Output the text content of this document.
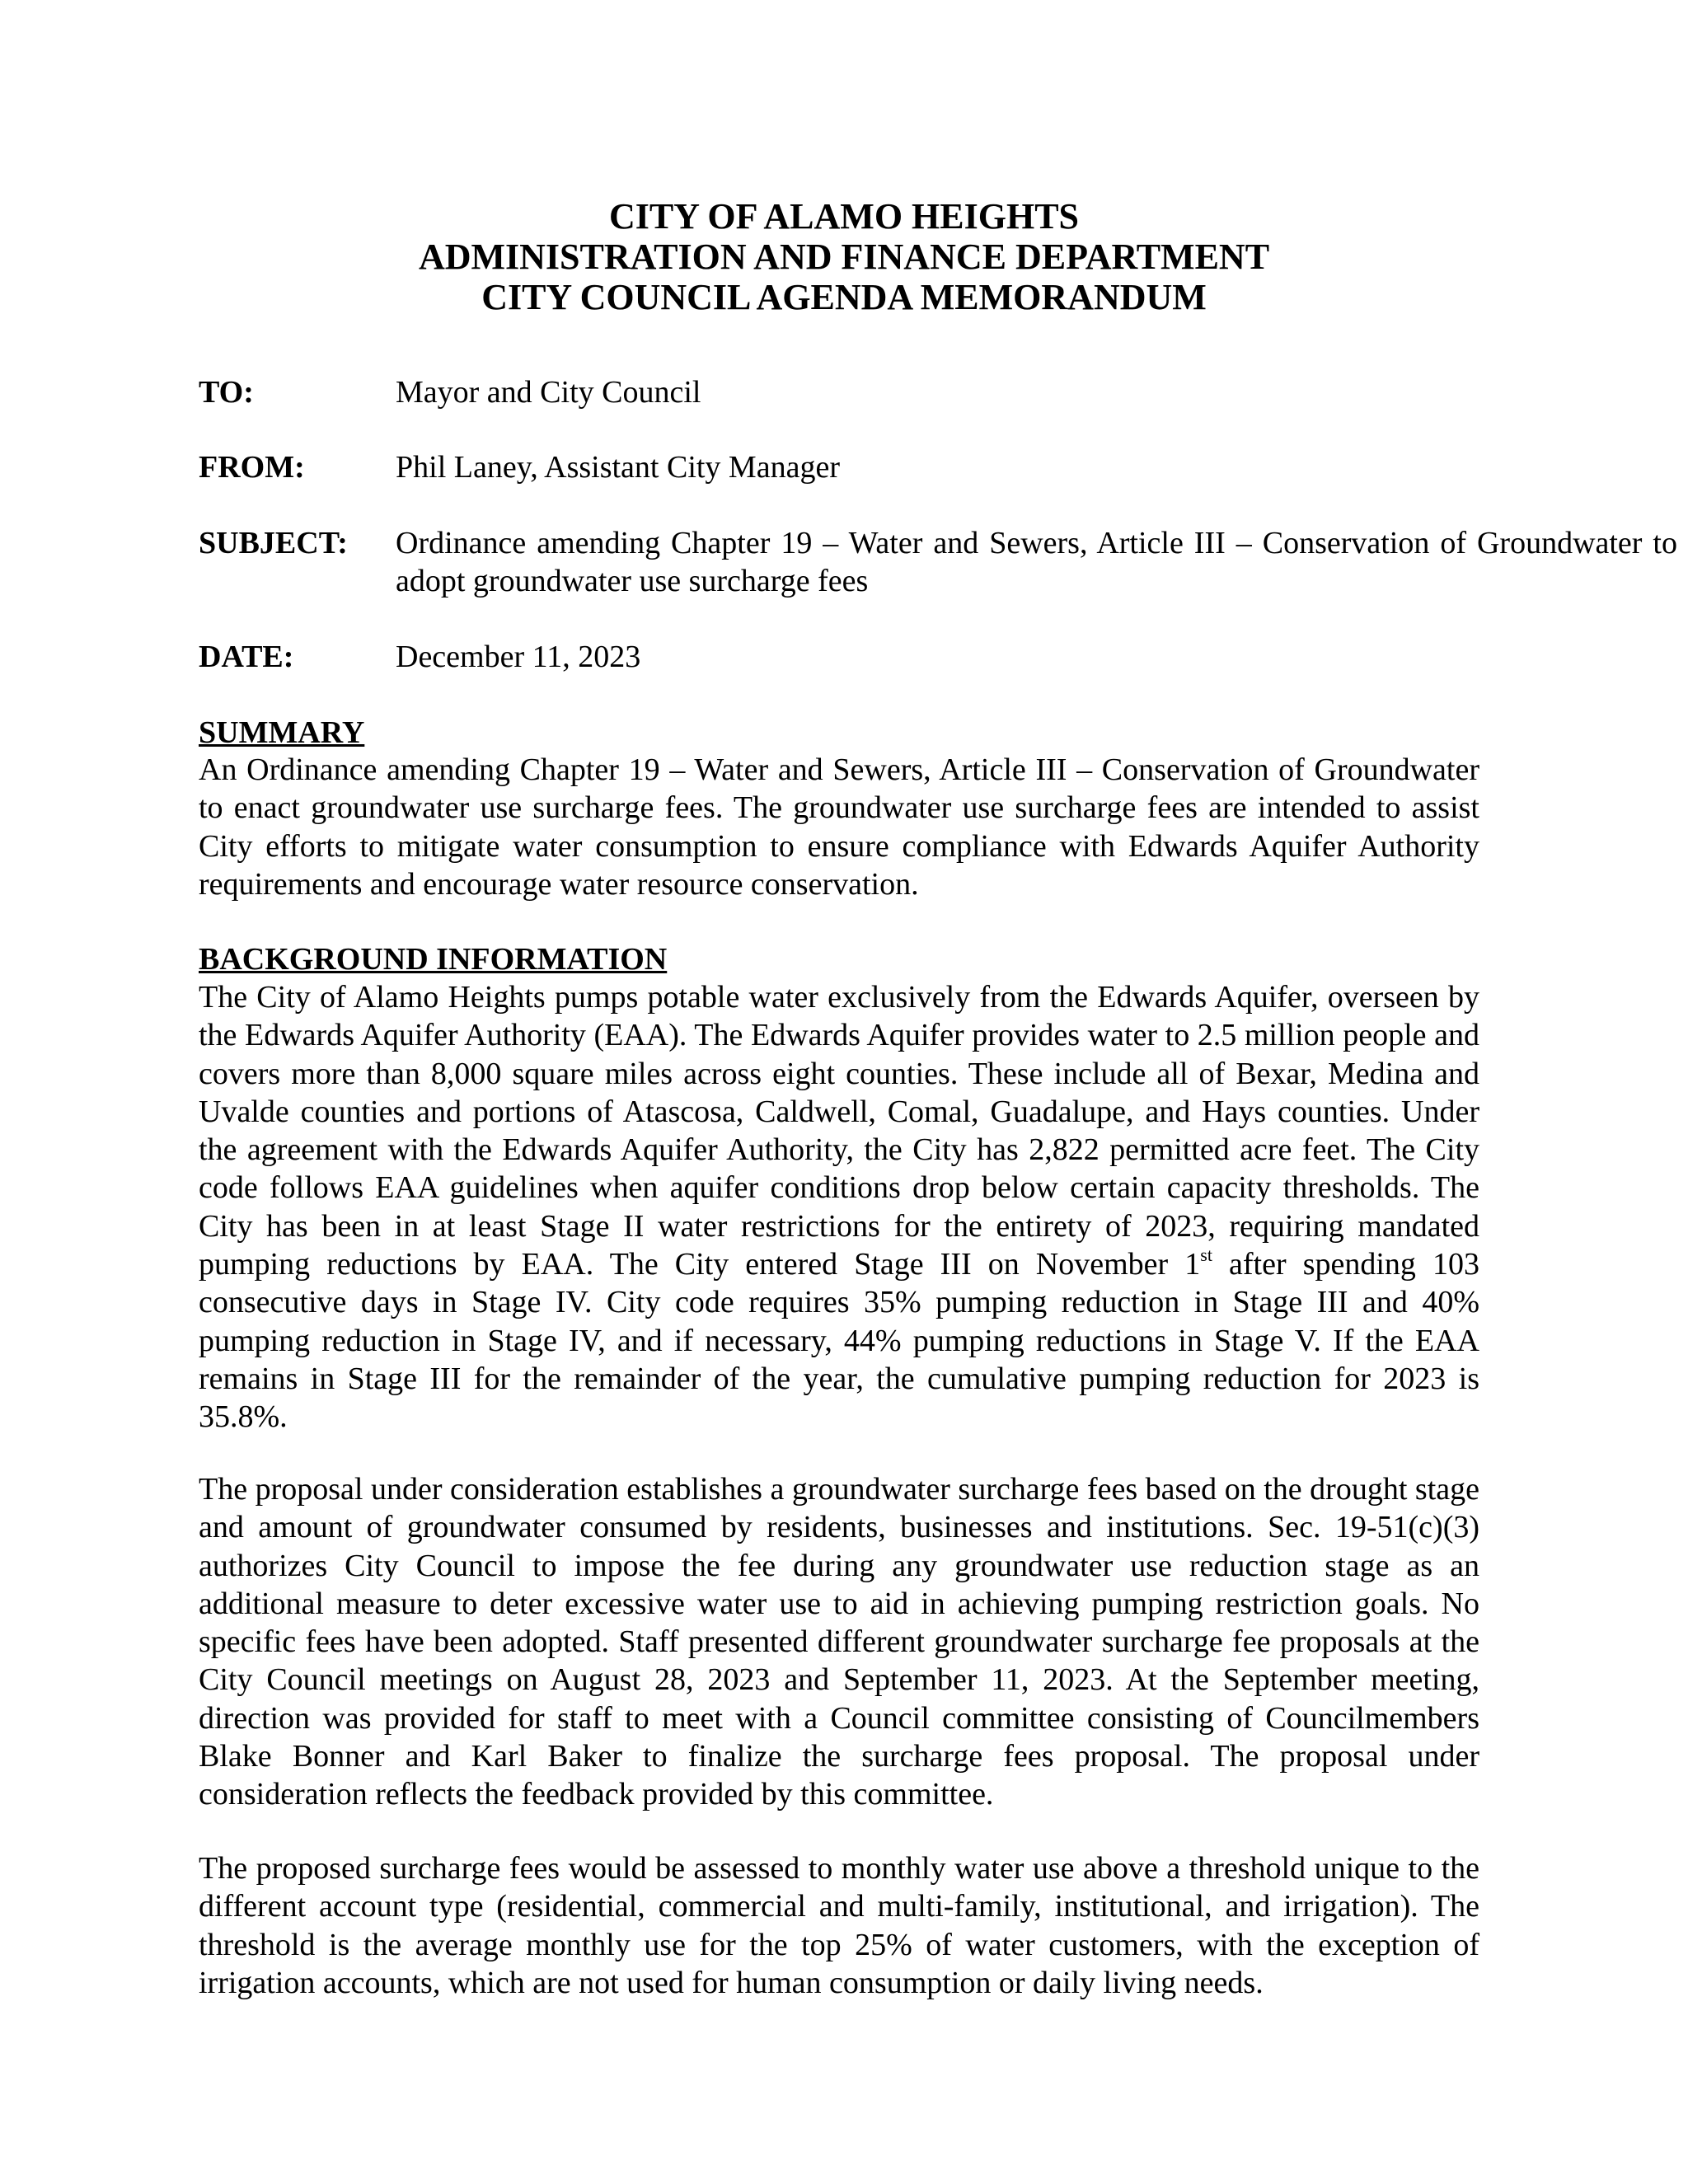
CITY OF ALAMO HEIGHTS
ADMINISTRATION AND FINANCE DEPARTMENT
CITY COUNCIL AGENDA MEMORANDUM
TO:	Mayor and City Council
FROM:	Phil Laney, Assistant City Manager
SUBJECT: Ordinance amending Chapter 19 – Water and Sewers, Article III – Conservation of Groundwater to adopt groundwater use surcharge fees
DATE:	December 11, 2023
SUMMARY
An Ordinance amending Chapter 19 – Water and Sewers, Article III – Conservation of Groundwater to enact groundwater use surcharge fees. The groundwater use surcharge fees are intended to assist City efforts to mitigate water consumption to ensure compliance with Edwards Aquifer Authority requirements and encourage water resource conservation.
BACKGROUND INFORMATION
The City of Alamo Heights pumps potable water exclusively from the Edwards Aquifer, overseen by the Edwards Aquifer Authority (EAA). The Edwards Aquifer provides water to 2.5 million people and covers more than 8,000 square miles across eight counties. These include all of Bexar, Medina and Uvalde counties and portions of Atascosa, Caldwell, Comal, Guadalupe, and Hays counties. Under the agreement with the Edwards Aquifer Authority, the City has 2,822 permitted acre feet. The City code follows EAA guidelines when aquifer conditions drop below certain capacity thresholds. The City has been in at least Stage II water restrictions for the entirety of 2023, requiring mandated pumping reductions by EAA. The City entered Stage III on November 1st after spending 103 consecutive days in Stage IV. City code requires 35% pumping reduction in Stage III and 40% pumping reduction in Stage IV, and if necessary, 44% pumping reductions in Stage V. If the EAA remains in Stage III for the remainder of the year, the cumulative pumping reduction for 2023 is 35.8%.
The proposal under consideration establishes a groundwater surcharge fees based on the drought stage and amount of groundwater consumed by residents, businesses and institutions. Sec. 19-51(c)(3) authorizes City Council to impose the fee during any groundwater use reduction stage as an additional measure to deter excessive water use to aid in achieving pumping restriction goals. No specific fees have been adopted. Staff presented different groundwater surcharge fee proposals at the City Council meetings on August 28, 2023 and September 11, 2023. At the September meeting, direction was provided for staff to meet with a Council committee consisting of Councilmembers Blake Bonner and Karl Baker to finalize the surcharge fees proposal. The proposal under consideration reflects the feedback provided by this committee.
The proposed surcharge fees would be assessed to monthly water use above a threshold unique to the different account type (residential, commercial and multi-family, institutional, and irrigation). The threshold is the average monthly use for the top 25% of water customers, with the exception of irrigation accounts, which are not used for human consumption or daily living needs.
